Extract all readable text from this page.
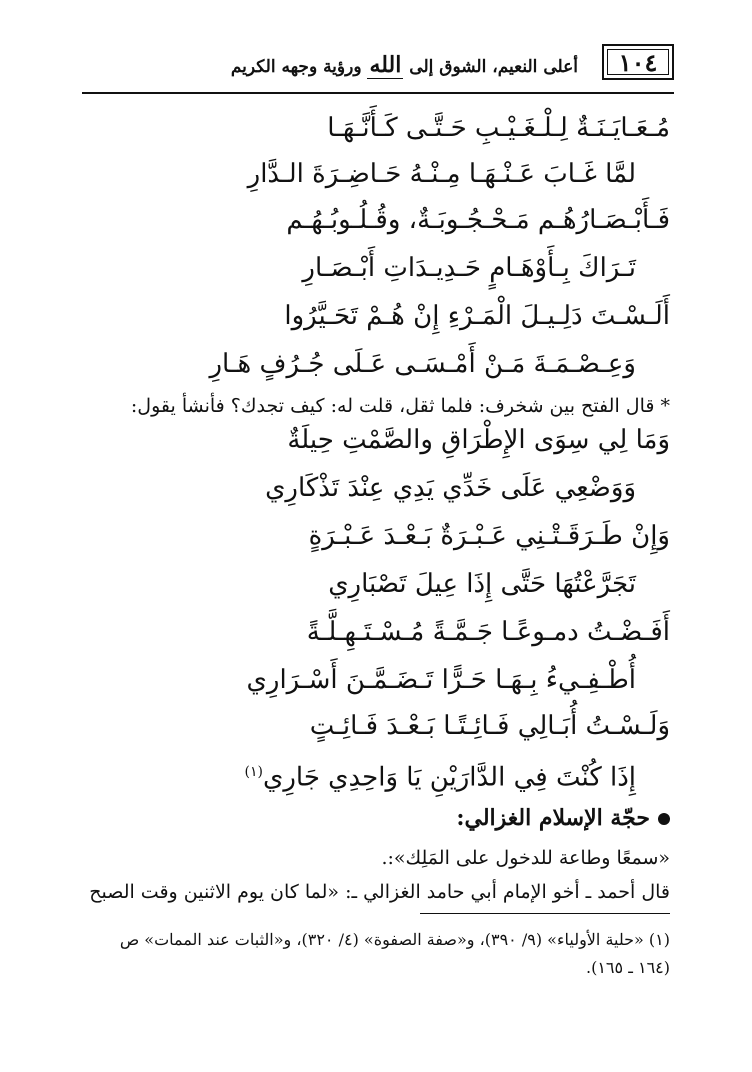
١٠٤
أعلى النعيم، الشوق إلى الله ورؤية وجهه الكريم
مُـعَـايَـنَـةٌ لِـلْـغَـيْـبِ حَـتَّـى كَـأَنَّـهَـا
لمَّا غَـابَ عَـنْـهَـا مِـنْـهُ حَـاضِـرَةَ الـدَّارِ
فَـأَبْـصَـارُهُـم مَـحْـجُـوبَـةٌ، وقُـلُـوبُـهُـم
تَـرَاكَ بِـأَوْهَـامٍ حَـدِيـدَاتِ أَبْـصَـارِ
أَلَـسْـتَ دَلِـيـلَ الْمَـرْءِ إِنْ هُـمْ تَحَـيَّرُوا
وَعِـصْـمَـةَ مَـنْ أَمْـسَـى عَـلَى جُـرُفٍ هَـارِ
* قال الفتح بين شخرف: فلما ثقل، قلت له: كيف تجدك؟ فأنشأ يقول:
وَمَا لِي سِوَى الإِطْرَاقِ والصَّمْتِ حِيلَةٌ
وَوَضْعِي عَلَى خَدِّي يَدِي عِنْدَ تَذْكَارِي
وَإِنْ طَـرَقَـتْـنِي عَـبْـرَةٌ بَـعْـدَ عَـبْـرَةٍ
تَجَرَّعْتُهَا حَتَّى إِذَا عِيلَ تَصْبَارِي
أَفَـضْـتُ دمـوعًـا جَـمَّـةً مُـسْـتَـهِـلَّـةً
أُطْـفِـيءُ بِـهَـا حَـرًّا تَـضَـمَّـنَ أَسْـرَارِي
وَلَـسْـتُ أُبَـالِي فَـائِـتًـا بَـعْـدَ فَـائِـتٍ
إِذَا كُنْتَ فِي الدَّارَيْنِ يَا وَاحِدِي جَارِي$^{(١)}$
حجّة الإسلام الغزالي:
«سمعًا وطاعة للدخول على المَلِك»:.
قال أحمد ـ أخو الإمام أبي حامد الغزالي ـ: «لما كان يوم الاثنين وقت الصبح
(١) «حلية الأولياء» (٩/ ٣٩٠)، و«صفة الصفوة» (٤/ ٣٢٠)، و«الثبات عند الممات» ص
(١٦٤ ـ ١٦٥).
